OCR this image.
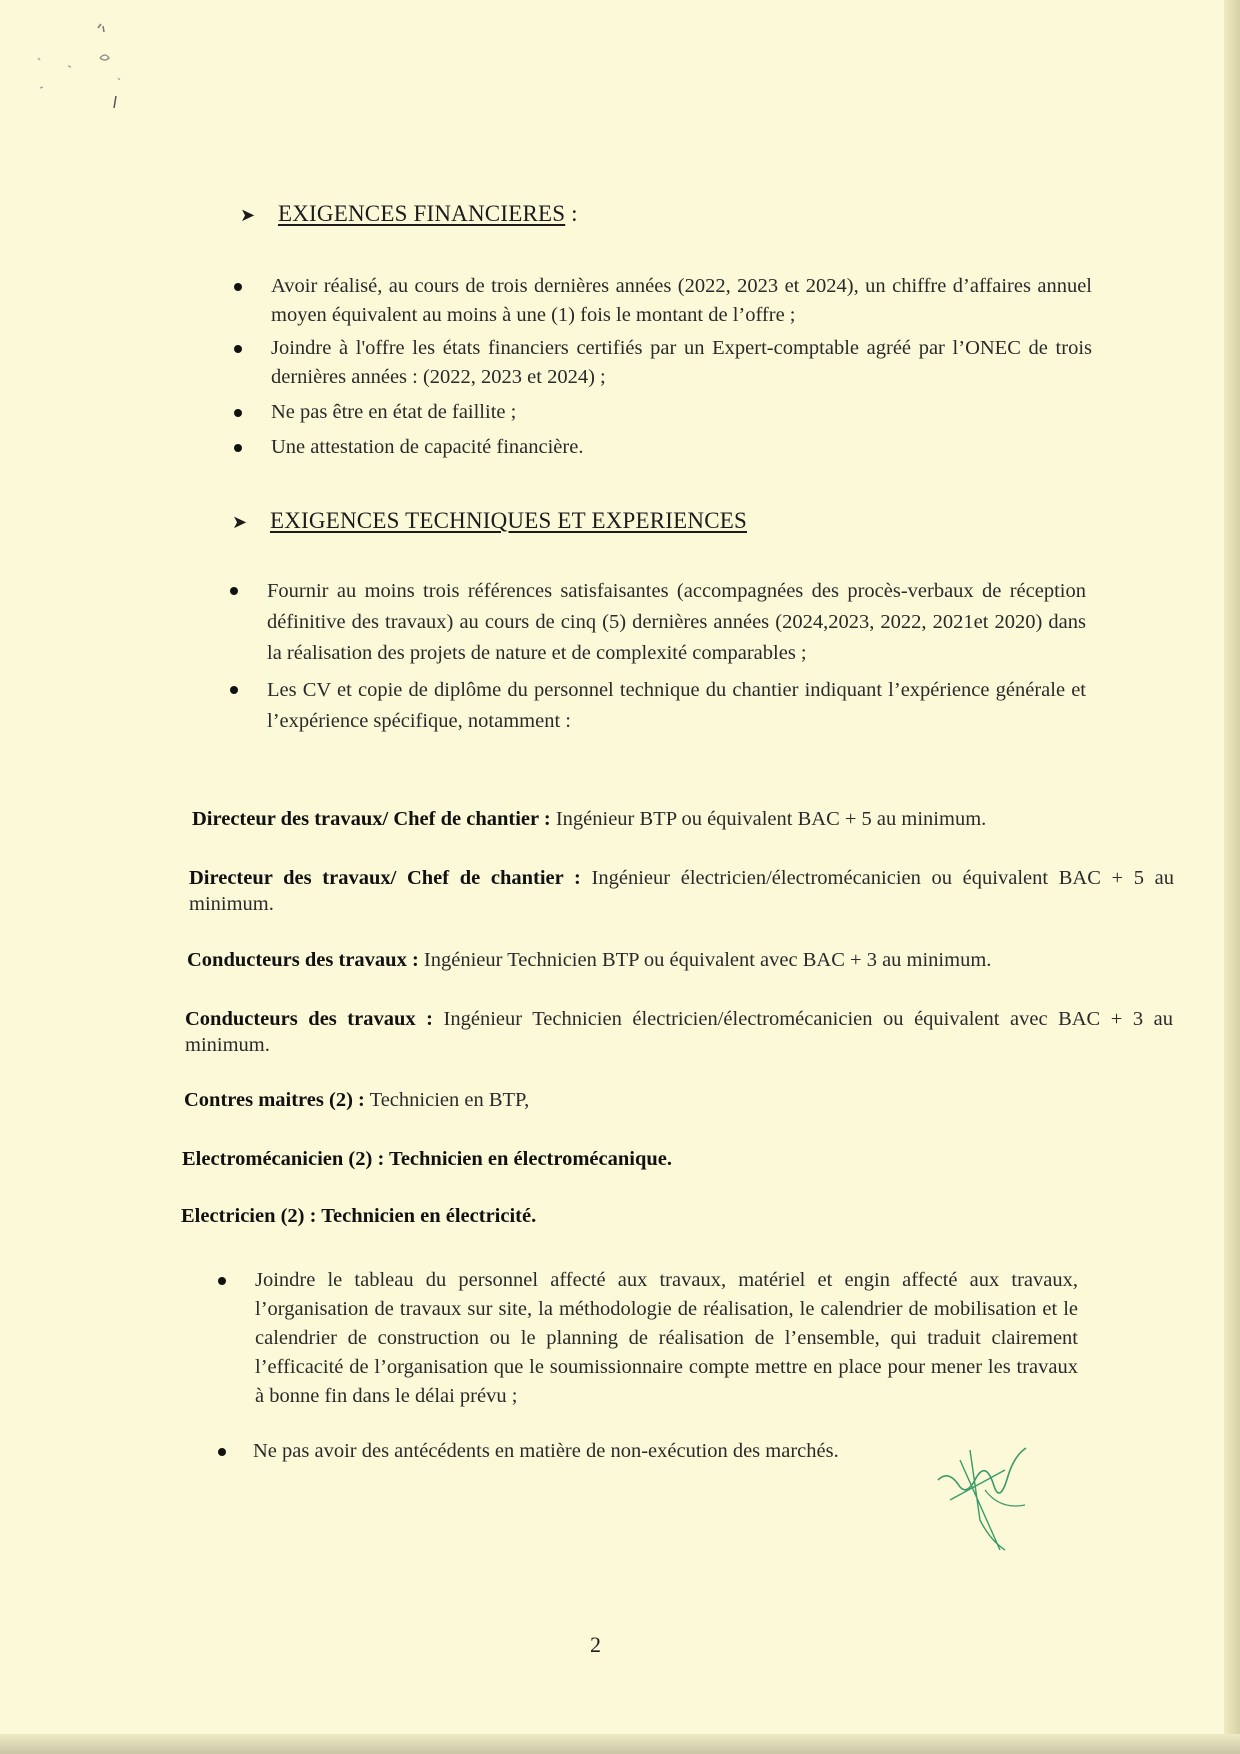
➤ EXIGENCES FINANCIERES :
Avoir réalisé, au cours de trois dernières années (2022, 2023 et 2024), un chiffre d’affaires annuel moyen équivalent au moins à une (1) fois le montant de l’offre ;
Joindre à l'offre les états financiers certifiés par un Expert-comptable agréé par l’ONEC de trois dernières années : (2022, 2023 et 2024) ;
Ne pas être en état de faillite ;
Une attestation de capacité financière.
➤ EXIGENCES TECHNIQUES ET EXPERIENCES
Fournir au moins trois références satisfaisantes (accompagnées des procès-verbaux de réception définitive des travaux) au cours de cinq (5) dernières années (2024,2023, 2022, 2021et 2020) dans la réalisation des projets de nature et de complexité comparables ;
Les CV et copie de diplôme du personnel technique du chantier indiquant l’expérience générale et l’expérience spécifique, notamment :
Directeur des travaux/ Chef de chantier : Ingénieur BTP ou équivalent BAC + 5 au minimum.
Directeur des travaux/ Chef de chantier : Ingénieur électricien/électromécanicien ou équivalent BAC + 5 au minimum.
Conducteurs des travaux : Ingénieur Technicien BTP ou équivalent avec BAC + 3 au minimum.
Conducteurs des travaux : Ingénieur Technicien électricien/électromécanicien ou équivalent avec BAC + 3 au minimum.
Contres maitres (2) : Technicien en BTP,
Electromécanicien (2) : Technicien en électromécanique.
Electricien (2) : Technicien en électricité.
Joindre le tableau du personnel affecté aux travaux, matériel et engin affecté aux travaux, l’organisation de travaux sur site, la méthodologie de réalisation, le calendrier de mobilisation et le calendrier de construction ou le planning de réalisation de l’ensemble, qui traduit clairement l’efficacité de l’organisation que le soumissionnaire compte mettre en place pour mener les travaux à bonne fin dans le délai prévu ;
Ne pas avoir des antécédents en matière de non-exécution des marchés.
2
